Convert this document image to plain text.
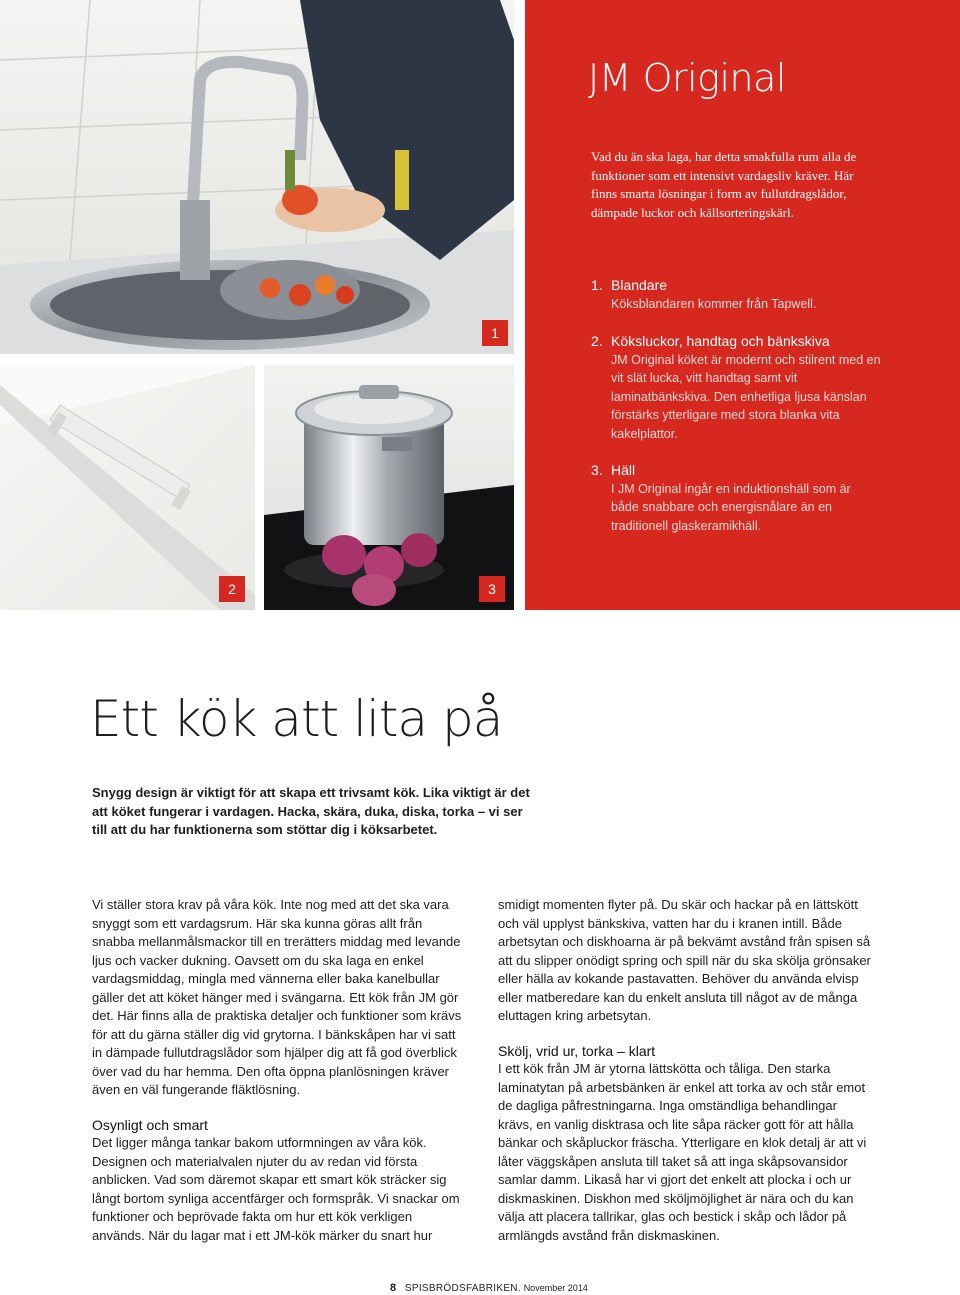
1
2	3
JM Original

Vad du än ska laga, har detta smakfulla rum alla de funktioner som ett intensivt vardagsliv kräver. Här finns smarta lösningar i form av fullutdragslådor, dämpade luckor och källsorteringskärl.

1. Blandare
Köksblandaren kommer från Tapwell.
2. Köksluckor, handtag och bänkskiva
JM Original köket är modernt och stilrent med en vit slät lucka, vitt handtag samt vit laminatbänkskiva. Den enhetliga ljusa känslan förstärks ytterligare med stora blanka vita kakelplattor.
3. Häll
I JM Original ingår en induktionshäll som är både snabbare och energisnålare än en traditionell glaskeramikhäll.
Ett kök att lita på

Snygg design är viktigt för att skapa ett trivsamt kök. Lika viktigt är det att köket fungerar i vardagen. Hacka, skära, duka, diska, torka – vi ser till att du har funktionerna som stöttar dig i köksarbetet.

Vi ställer stora krav på våra kök. Inte nog med att det ska vara snyggt som ett vardagsrum. Här ska kunna göras allt från snabba mellanmålsmackor till en trerätters middag med levande ljus och vacker dukning. Oavsett om du ska laga en enkel vardagsmiddag, mingla med vännerna eller baka kanelbullar gäller det att köket hänger med i svängarna. Ett kök från JM gör det. Här finns alla de praktiska detaljer och funktioner som krävs för att du gärna ställer dig vid grytorna. I bänkskåpen har vi satt in dämpade fullutdragslådor som hjälper dig att få god överblick över vad du har hemma. Den ofta öppna planlösningen kräver även en väl fungerande fläktlösning.

Osynligt och smart

Det ligger många tankar bakom utformningen av våra kök. Designen och materialvalen njuter du av redan vid första anblicken. Vad som däremot skapar ett smart kök sträcker sig långt bortom synliga accentfärger och formspråk. Vi snackar om funktioner och beprövade fakta om hur ett kök verkligen används. När du lagar mat i ett JM-kök märker du snart hur

smidigt momenten flyter på. Du skär och hackar på en lättskött och väl upplyst bänkskiva, vatten har du i kranen intill. Både arbetsytan och diskhoarna är på bekvämt avstånd från spisen så att du slipper onödigt spring och spill när du ska skölja grönsaker eller hälla av kokande pastavatten. Behöver du använda elvisp eller matberedare kan du enkelt ansluta till något av de många eluttagen kring arbetsytan.

Skölj, vrid ur, torka – klart

I ett kök från JM är ytorna lättskötta och tåliga. Den starka laminatytan på arbetsbänken är enkel att torka av och står emot de dagliga påfrestningarna. Inga omständliga behandlingar krävs, en vanlig disktrasa och lite såpa räcker gott för att hålla bänkar och skåpluckor fräscha. Ytterligare en klok detalj är att vi låter väggskåpen ansluta till taket så att inga skåpsovansidor samlar damm. Likaså har vi gjort det enkelt att plocka i och ur diskmaskinen. Diskhon med sköljmöjlighet är nära och du kan välja att placera tallrikar, glas och bestick i skåp och lådor på armlängds avstånd från diskmaskinen.

8 SPISBRÖDSFABRIKEN. November 2014
